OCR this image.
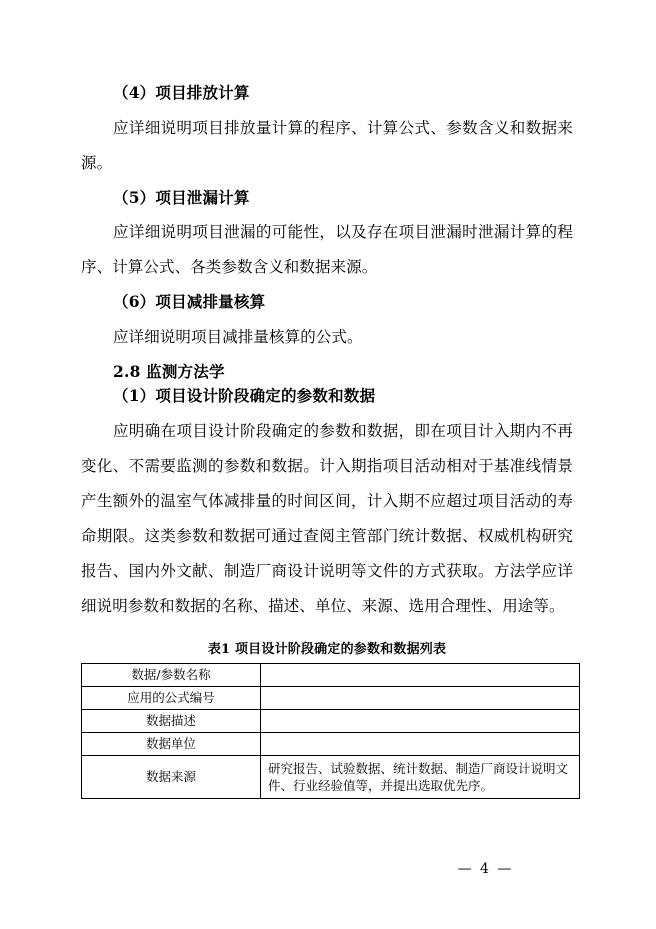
（4）项目排放计算

应详细说明项目排放量计算的程序、计算公式、参数含义和数据来源。

（5）项目泄漏计算

应详细说明项目泄漏的可能性，以及存在项目泄漏时泄漏计算的程序、计算公式、各类参数含义和数据来源。

（6）项目减排量核算

应详细说明项目减排量核算的公式。

2.8 监测方法学
（1）项目设计阶段确定的参数和数据

应明确在项目设计阶段确定的参数和数据，即在项目计入期内不再变化、不需要监测的参数和数据。计入期指项目活动相对于基准线情景产生额外的温室气体减排量的时间区间，计入期不应超过项目活动的寿命期限。这类参数和数据可通过查阅主管部门统计数据、权威机构研究报告、国内外文献、制造厂商设计说明等文件的方式获取。方法学应详细说明参数和数据的名称、描述、单位、来源、选用合理性、用途等。

表1 项目设计阶段确定的参数和数据列表
数据/参数名称	
应用的公式编号	
数据描述	
数据单位	
数据来源	研究报告、试验数据、统计数据、制造厂商设计说明文件、行业经验值等，并提出选取优先序。
— 4 —
